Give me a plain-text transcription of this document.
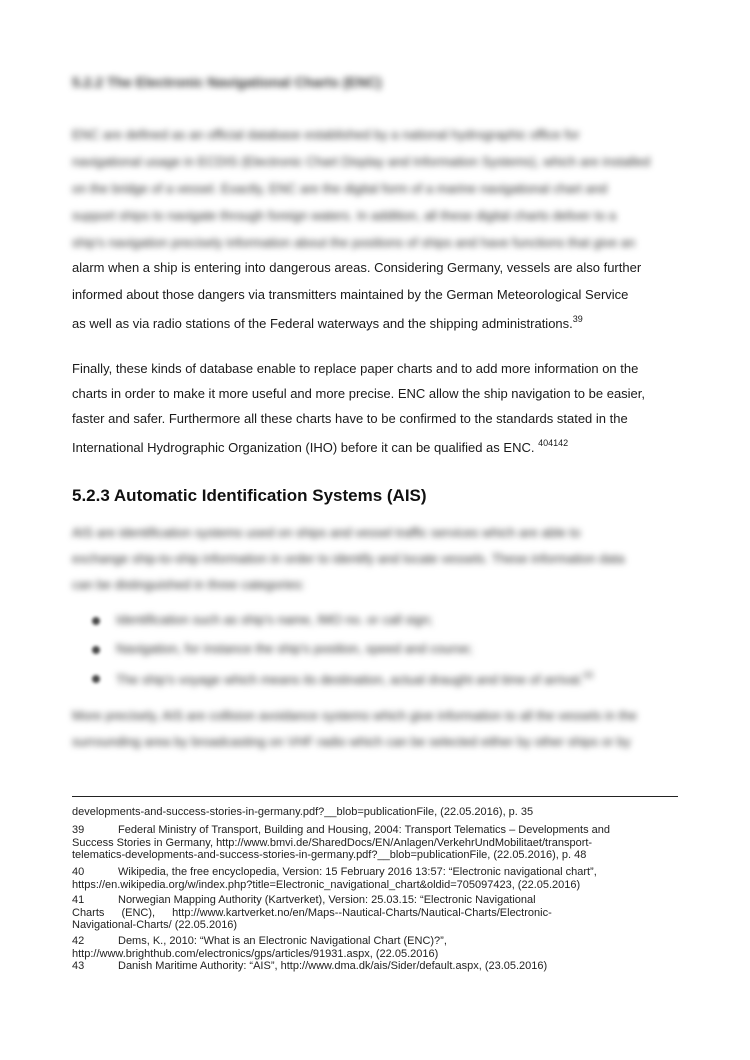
5.2.2 The Electronic Navigational Charts (ENC)
ENC are defined as an official database established by a national hydrographic office for
navigational usage in ECDIS (Electronic Chart Display and Information Systems), which are installed
on the bridge of a vessel. Exactly, ENC are the digital form of a marine navigational chart and
support ships to navigate through foreign waters. In addition, all these digital charts deliver to a
ship's navigation precisely information about the positions of ships and have functions that give an
alarm when a ship is entering into dangerous areas. Considering Germany, vessels are also further
informed about those dangers via transmitters maintained by the German Meteorological Service
as well as via radio stations of the Federal waterways and the shipping administrations.$^{39}$
Finally, these kinds of database enable to replace paper charts and to add more information on the
charts in order to make it more useful and more precise. ENC allow the ship navigation to be easier,
faster and safer. Furthermore all these charts have to be confirmed to the standards stated in the
International Hydrographic Organization (IHO) before it can be qualified as ENC. $^{404142}$
5.2.3 Automatic Identification Systems (AIS)
AIS are identification systems used on ships and vessel traffic services which are able to
exchange ship-to-ship information in order to identify and locate vessels. These information data
can be distinguished in three categories:
Identification such as ship's name, IMO no. or call sign;
Navigation, for instance the ship's position, speed and course;
The ship's voyage which means its destination, actual draught and time of arrival.$^{43}$
More precisely, AIS are collision avoidance systems which give information to all the vessels in the
surrounding area by broadcasting on VHF radio which can be selected either by other ships or by
developments-and-success-stories-in-germany.pdf?__blob=publicationFile, (22.05.2016), p. 35
39	Federal Ministry of Transport, Building and Housing, 2004: Transport Telematics – Developments and
Success Stories in Germany, http://www.bmvi.de/SharedDocs/EN/Anlagen/VerkehrUndMobilitaet/transport-
telematics-developments-and-success-stories-in-germany.pdf?__blob=publicationFile, (22.05.2016), p. 48
40	Wikipedia, the free encyclopedia, Version: 15 February 2016 13:57: “Electronic navigational chart”,
https://en.wikipedia.org/w/index.php?title=Electronic_navigational_chart&oldid=705097423, (22.05.2016)
41	Norwegian Mapping Authority (Kartverket), Version: 25.03.15: “Electronic Navigational
Charts (ENC), http://www.kartverket.no/en/Maps--Nautical-Charts/Nautical-Charts/Electronic-
Navigational-Charts/ (22.05.2016)
42	Dems, K., 2010: “What is an Electronic Navigational Chart (ENC)?”,
http://www.brighthub.com/electronics/gps/articles/91931.aspx, (22.05.2016)
43	Danish Maritime Authority: “AIS”, http://www.dma.dk/ais/Sider/default.aspx, (23.05.2016)
